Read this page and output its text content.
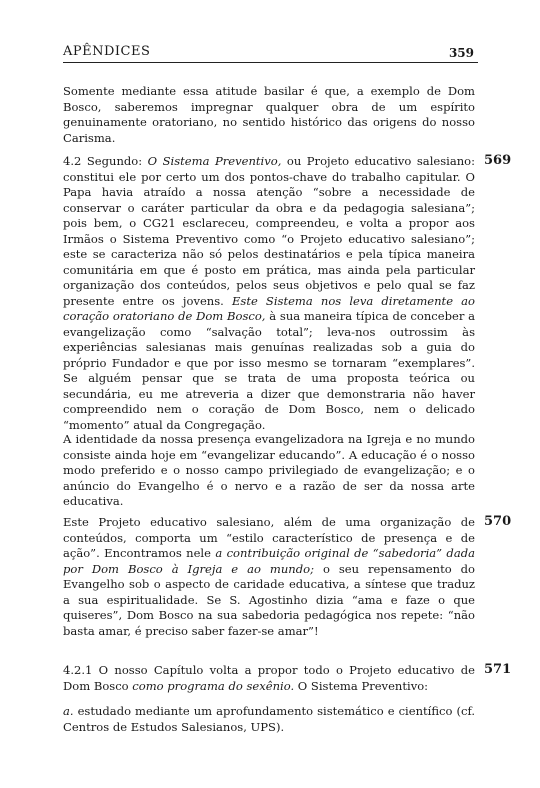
APÊNDICES	359

Somente mediante essa atitude basilar é que, a exemplo de Dom Bosco, saberemos impregnar qualquer obra de um espírito genuinamente oratoriano, no sentido histórico das origens do nosso Carisma.

4.2 Segundo: O Sistema Preventivo, ou Projeto educativo salesiano: constitui ele por certo um dos pontos-chave do trabalho capitular. O Papa havia atraído a nossa atenção “sobre a necessidade de conservar o caráter particular da obra e da pedagogia salesiana”; pois bem, o CG21 esclareceu, compreendeu, e volta a propor aos Irmãos o Sistema Preventivo como “o Projeto educativo salesiano”; este se caracteriza não só pelos destinatários e pela típica maneira comunitária em que é posto em prática, mas ainda pela particular organização dos conteúdos, pelos seus objetivos e pelo qual se faz presente entre os jovens. Este Sistema nos leva diretamente ao coração oratoriano de Dom Bosco, à sua maneira típica de conceber a evangelização como “salvação total”; leva-nos outrossim às experiências salesianas mais genuínas realizadas sob a guia do próprio Fundador e que por isso mesmo se tornaram “exemplares”. Se alguém pensar que se trata de uma proposta teórica ou secundária, eu me atreveria a dizer que demonstraria não haver compreendido nem o coração de Dom Bosco, nem o delicado “momento” atual da Congregação.

569

A identidade da nossa presença evangelizadora na Igreja e no mundo consiste ainda hoje em “evangelizar educando”. A educação é o nosso modo preferido e o nosso campo privilegiado de evangelização; e o anúncio do Evangelho é o nervo e a razão de ser da nossa arte educativa.

Este Projeto educativo salesiano, além de uma organização de conteúdos, comporta um “estilo característico de presença e de ação”. Encontramos nele a contribuição original de “sabedoria” dada por Dom Bosco à Igreja e ao mundo; o seu repensamento do Evangelho sob o aspecto de caridade educativa, a síntese que traduz a sua espiritualidade. Se S. Agostinho dizia “ama e faze o que quiseres”, Dom Bosco na sua sabedoria pedagógica nos repete: “não basta amar, é preciso saber fazer-se amar”!

570

4.2.1 O nosso Capítulo volta a propor todo o Projeto educativo de Dom Bosco como programa do sexênio. O Sistema Preventivo:

571

a. estudado mediante um aprofundamento sistemático e científico (cf. Centros de Estudos Salesianos, UPS).
